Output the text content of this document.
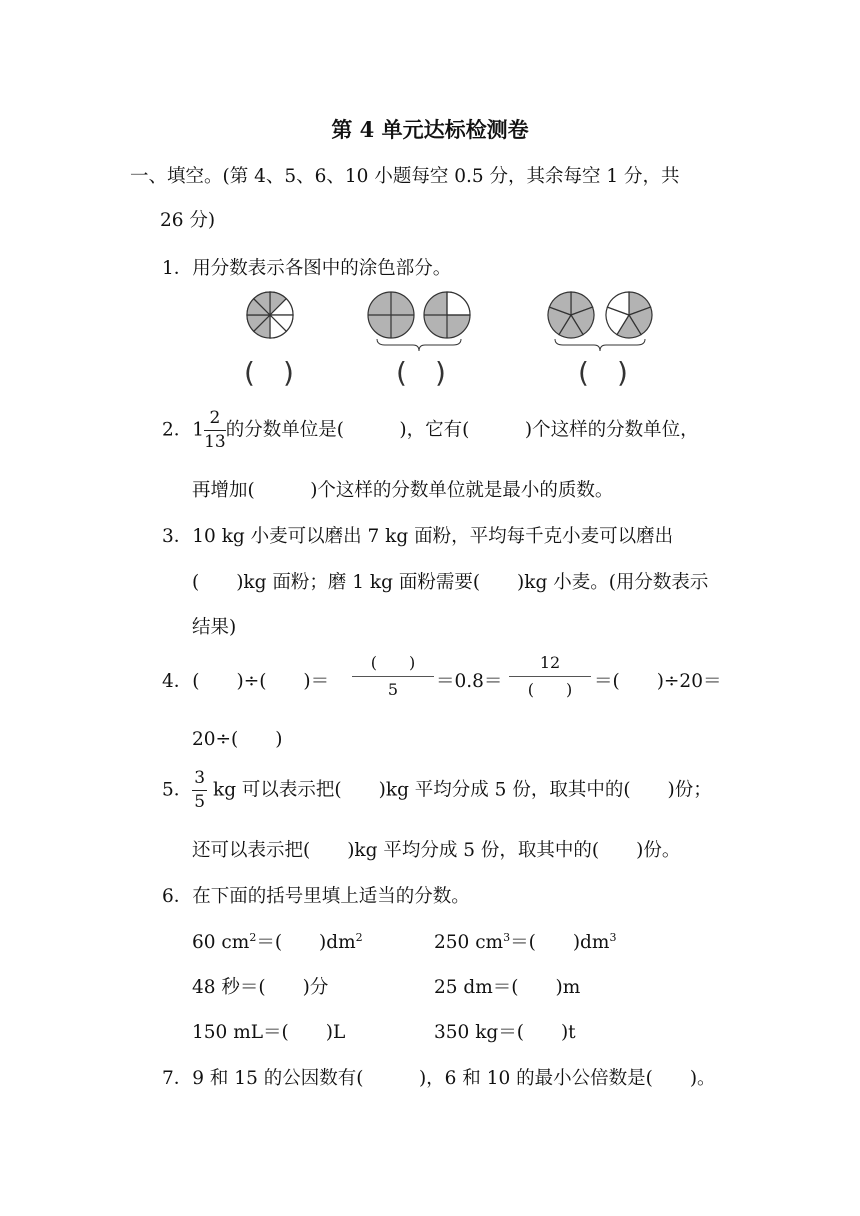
第 4 单元达标检测卷
一、填空。(第 4、5、6、10 小题每空 0.5 分，其余每空 1 分，共
26 分)
1．用分数表示各图中的涂色部分。
( )	( )	( )
2．$1 \frac{2}{13}$ 的分数单位是(　　　)，它有(　　　)个这样的分数单位，
再增加(　　　)个这样的分数单位就是最小的质数。
3．10 kg 小麦可以磨出 7 kg 面粉，平均每千克小麦可以磨出
(　　)kg 面粉；磨 1 kg 面粉需要(　　)kg 小麦。(用分数表示
结果)
4．(　　)÷(　　)＝
(　　)
5	＝0.8＝
12
(　　)	＝(　　)÷20＝
20÷(　　)
5． $\frac{3}{5}$ kg 可以表示把(　　)kg 平均分成 5 份，取其中的(　　)份；
还可以表示把(　　)kg 平均分成 5 份，取其中的(　　)份。
6．在下面的括号里填上适当的分数。
60 $cm^2=$(　　)$dm^2$	250 $cm^3=$(　　)$dm^3$
48 秒＝(　　)分	25 dm＝(　　)m
150 mL＝(　　)L	350 kg＝(　　)t
7．9 和 15 的公因数有(　　　)，6 和 10 的最小公倍数是(　　)。
